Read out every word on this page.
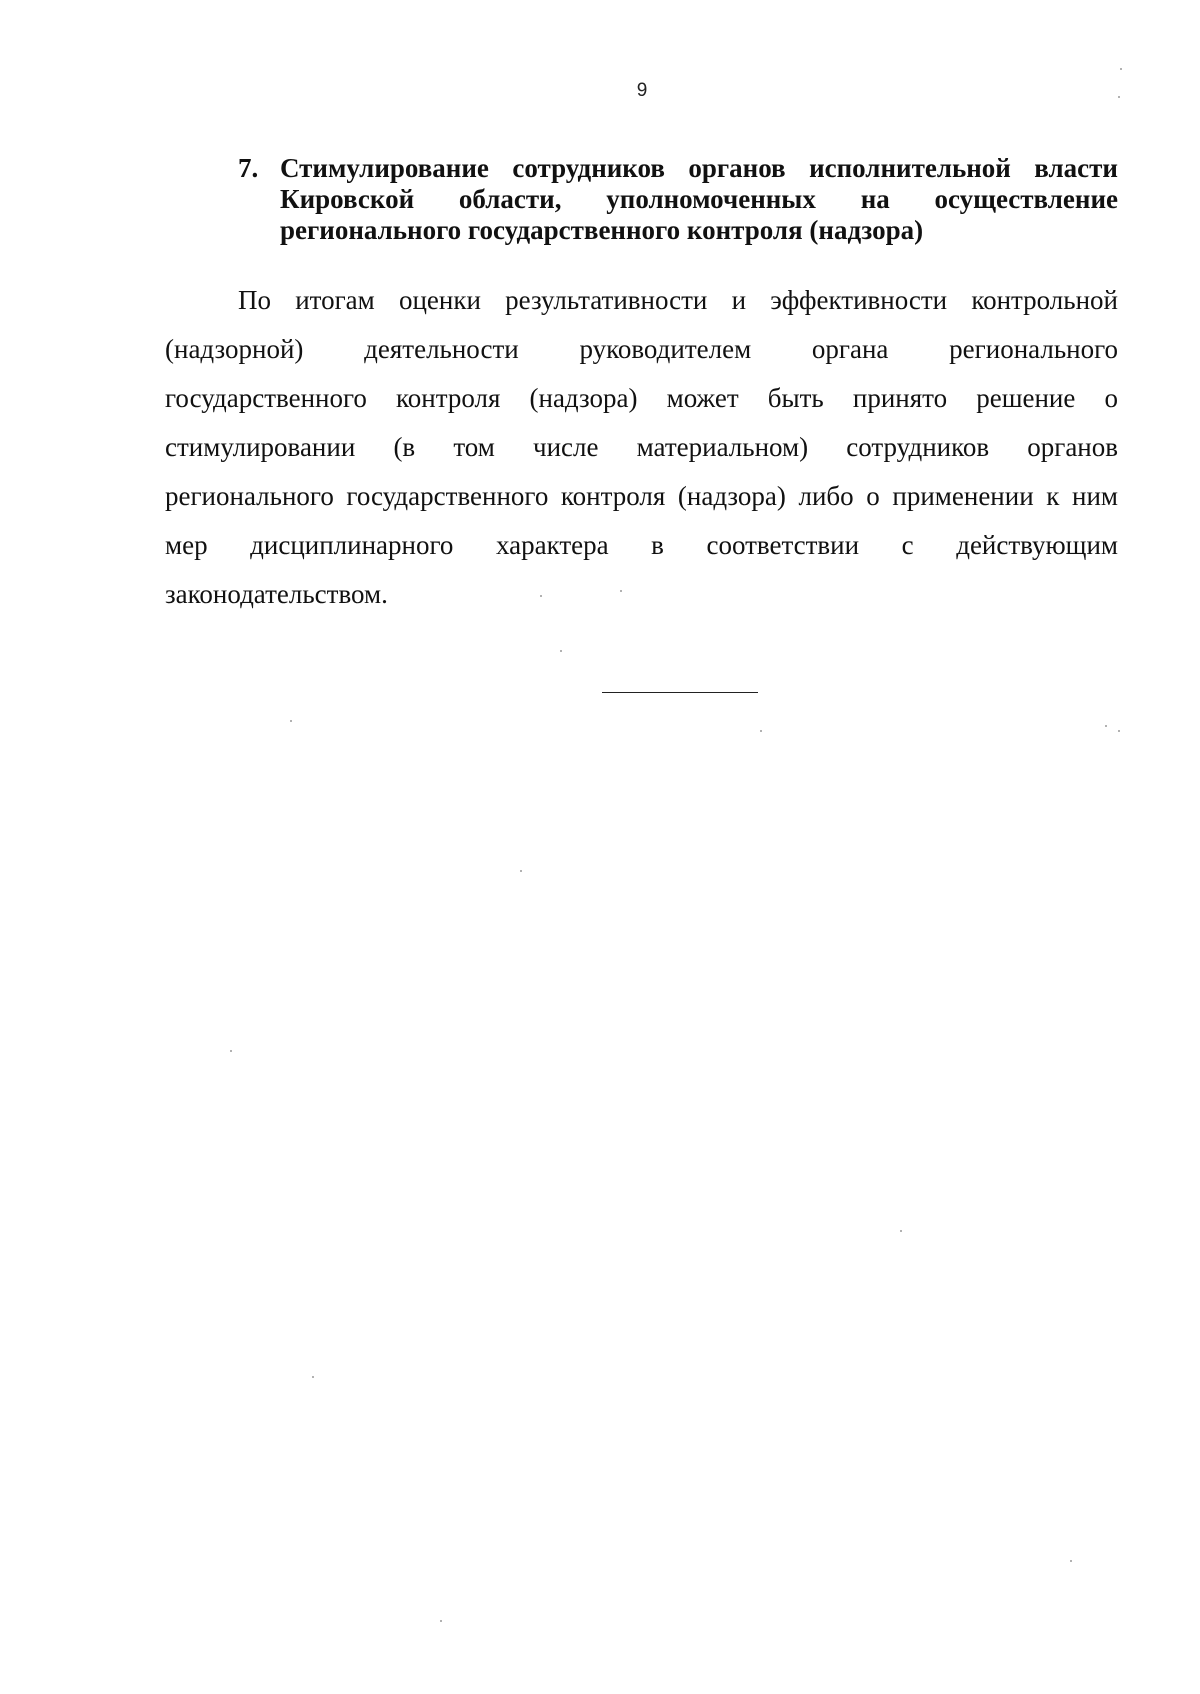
9
7. Стимулирование сотрудников органов исполнительной власти
Кировской области, уполномоченных на осуществление
регионального государственного контроля (надзора)
По итогам оценки результативности и эффективности контрольной
(надзорной) деятельности руководителем органа регионального
государственного контроля (надзора) может быть принято решение о
стимулировании (в том числе материальном) сотрудников органов
регионального государственного контроля (надзора) либо о применении к ним
мер дисциплинарного характера в соответствии с действующим
законодательством.
